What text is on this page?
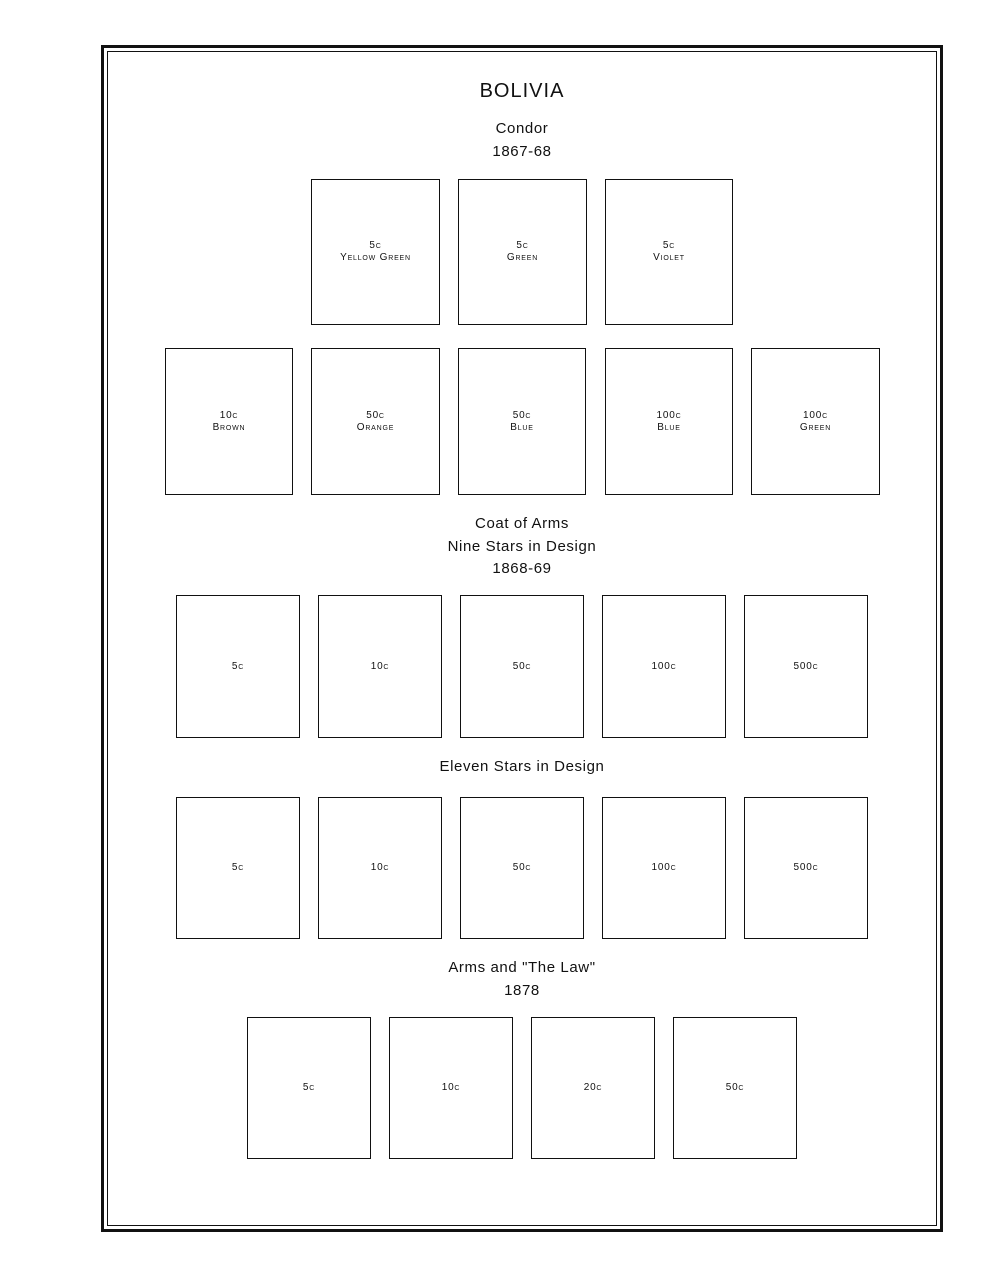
BOLIVIA
Condor
1867-68
5c
Yellow Green
5c
Green
5c
Violet
10c
Brown
50c
Orange
50c
Blue
100c
Blue
100c
Green
Coat of Arms
Nine Stars in Design
1868-69
5c	10c	50c	100c	500c
Eleven Stars in Design
5c	10c	50c	100c	500c
Arms and "The Law"
1878
5c	10c	20c	50c
